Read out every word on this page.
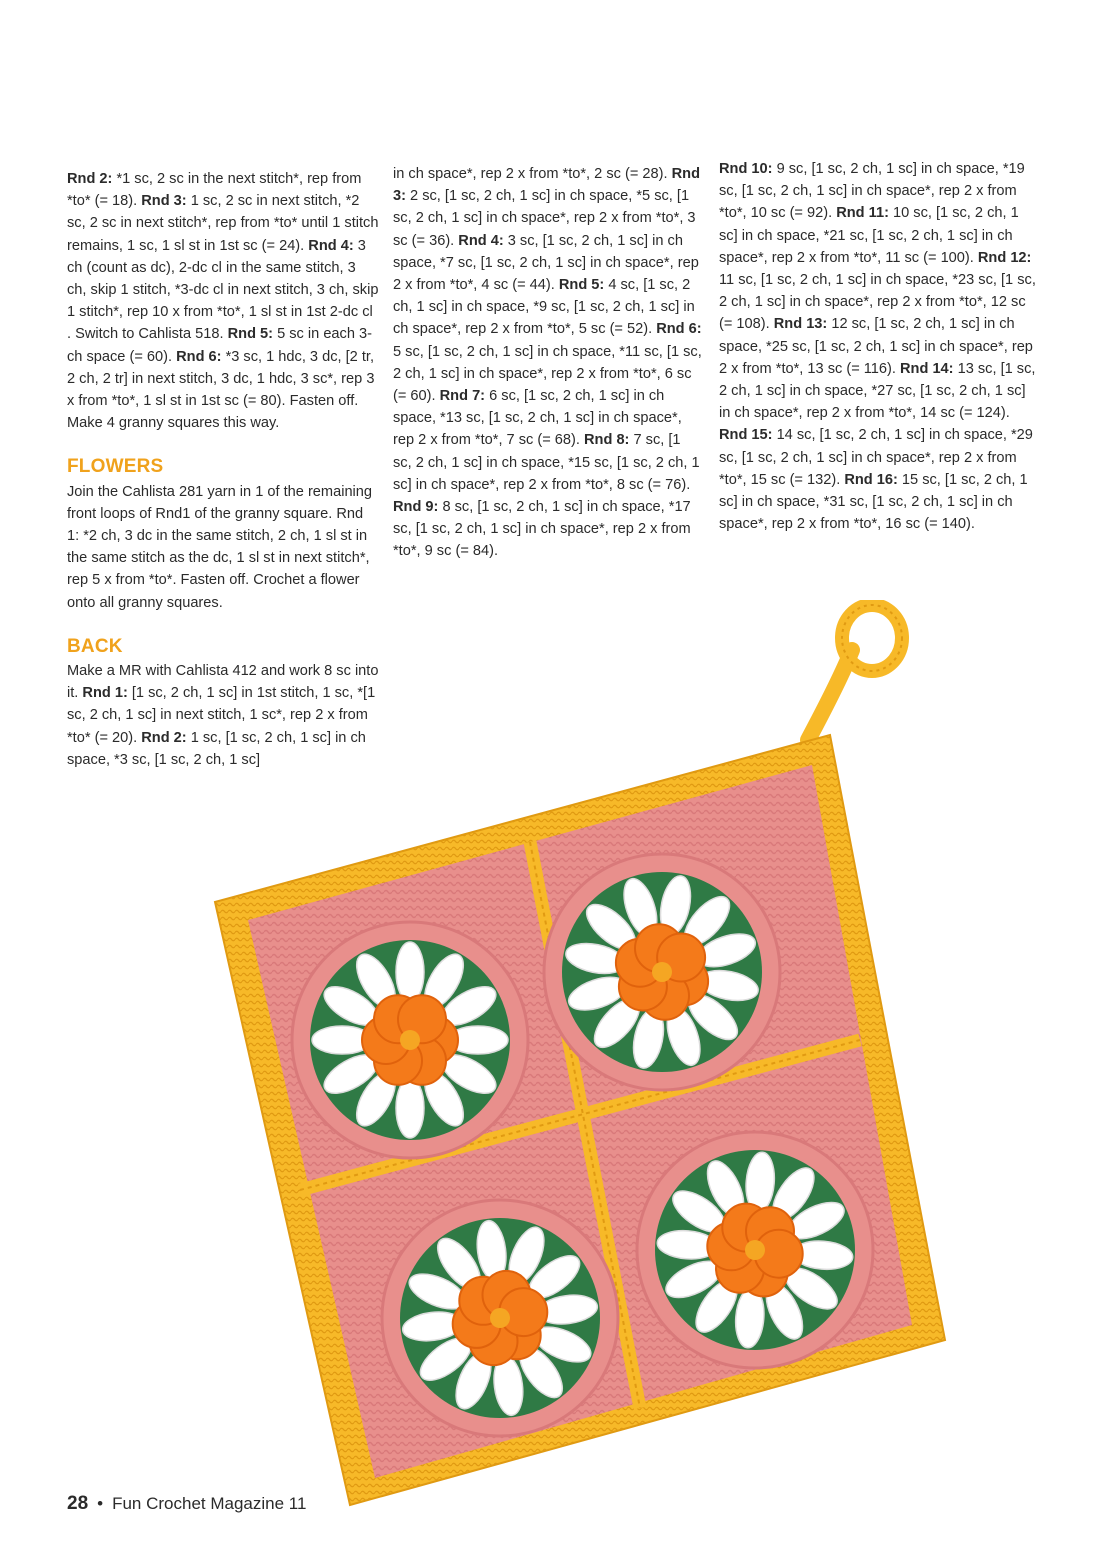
Rnd 2: *1 sc, 2 sc in the next stitch*, rep from *to* (= 18). Rnd 3: 1 sc, 2 sc in next stitch, *2 sc, 2 sc in next stitch*, rep from *to* until 1 stitch remains, 1 sc, 1 sl st in 1st sc (= 24). Rnd 4: 3 ch (count as dc), 2-dc cl in the same stitch, 3 ch, skip 1 stitch, *3-dc cl in next stitch, 3 ch, skip 1 stitch*, rep 10 x from *to*, 1 sl st in 1st 2-dc cl . Switch to Cahlista 518. Rnd 5: 5 sc in each 3-ch space (= 60). Rnd 6: *3 sc, 1 hdc, 3 dc, [2 tr, 2 ch, 2 tr] in next stitch, 3 dc, 1 hdc, 3 sc*, rep 3 x from *to*, 1 sl st in 1st sc (= 80). Fasten off. Make 4 granny squares this way.

FLOWERS

Join the Cahlista 281 yarn in 1 of the remaining front loops of Rnd1 of the granny square. Rnd 1: *2 ch, 3 dc in the same stitch, 2 ch, 1 sl st in the same stitch as the dc, 1 sl st in next stitch*, rep 5 x from *to*. Fasten off. Crochet a flower onto all granny squares.

BACK

Make a MR with Cahlista 412 and work 8 sc into it. Rnd 1: [1 sc, 2 ch, 1 sc] in 1st stitch, 1 sc, *[1 sc, 2 ch, 1 sc] in next stitch, 1 sc*, rep 2 x from *to* (= 20). Rnd 2: 1 sc, [1 sc, 2 ch, 1 sc] in ch space, *3 sc, [1 sc, 2 ch, 1 sc]

in ch space*, rep 2 x from *to*, 2 sc (= 28). Rnd 3: 2 sc, [1 sc, 2 ch, 1 sc] in ch space, *5 sc, [1 sc, 2 ch, 1 sc] in ch space*, rep 2 x from *to*, 3 sc (= 36). Rnd 4: 3 sc, [1 sc, 2 ch, 1 sc] in ch space, *7 sc, [1 sc, 2 ch, 1 sc] in ch space*, rep 2 x from *to*, 4 sc (= 44). Rnd 5: 4 sc, [1 sc, 2 ch, 1 sc] in ch space, *9 sc, [1 sc, 2 ch, 1 sc] in ch space*, rep 2 x from *to*, 5 sc (= 52). Rnd 6: 5 sc, [1 sc, 2 ch, 1 sc] in ch space, *11 sc, [1 sc, 2 ch, 1 sc] in ch space*, rep 2 x from *to*, 6 sc (= 60). Rnd 7: 6 sc, [1 sc, 2 ch, 1 sc] in ch space, *13 sc, [1 sc, 2 ch, 1 sc] in ch space*, rep 2 x from *to*, 7 sc (= 68). Rnd 8: 7 sc, [1 sc, 2 ch, 1 sc] in ch space, *15 sc, [1 sc, 2 ch, 1 sc] in ch space*, rep 2 x from *to*, 8 sc (= 76). Rnd 9: 8 sc, [1 sc, 2 ch, 1 sc] in ch space, *17 sc, [1 sc, 2 ch, 1 sc] in ch space*, rep 2 x from *to*, 9 sc (= 84).

Rnd 10: 9 sc, [1 sc, 2 ch, 1 sc] in ch space, *19 sc, [1 sc, 2 ch, 1 sc] in ch space*, rep 2 x from *to*, 10 sc (= 92). Rnd 11: 10 sc, [1 sc, 2 ch, 1 sc] in ch space, *21 sc, [1 sc, 2 ch, 1 sc] in ch space*, rep 2 x from *to*, 11 sc (= 100). Rnd 12: 11 sc, [1 sc, 2 ch, 1 sc] in ch space, *23 sc, [1 sc, 2 ch, 1 sc] in ch space*, rep 2 x from *to*, 12 sc (= 108). Rnd 13: 12 sc, [1 sc, 2 ch, 1 sc] in ch space, *25 sc, [1 sc, 2 ch, 1 sc] in ch space*, rep 2 x from *to*, 13 sc (= 116). Rnd 14: 13 sc, [1 sc, 2 ch, 1 sc] in ch space, *27 sc, [1 sc, 2 ch, 1 sc] in ch space*, rep 2 x from *to*, 14 sc (= 124). Rnd 15: 14 sc, [1 sc, 2 ch, 1 sc] in ch space, *29 sc, [1 sc, 2 ch, 1 sc] in ch space*, rep 2 x from *to*, 15 sc (= 132). Rnd 16: 15 sc, [1 sc, 2 ch, 1 sc] in ch space, *31 sc, [1 sc, 2 ch, 1 sc] in ch space*, rep 2 x from *to*, 16 sc (= 140).

28 • Fun Crochet Magazine 11
